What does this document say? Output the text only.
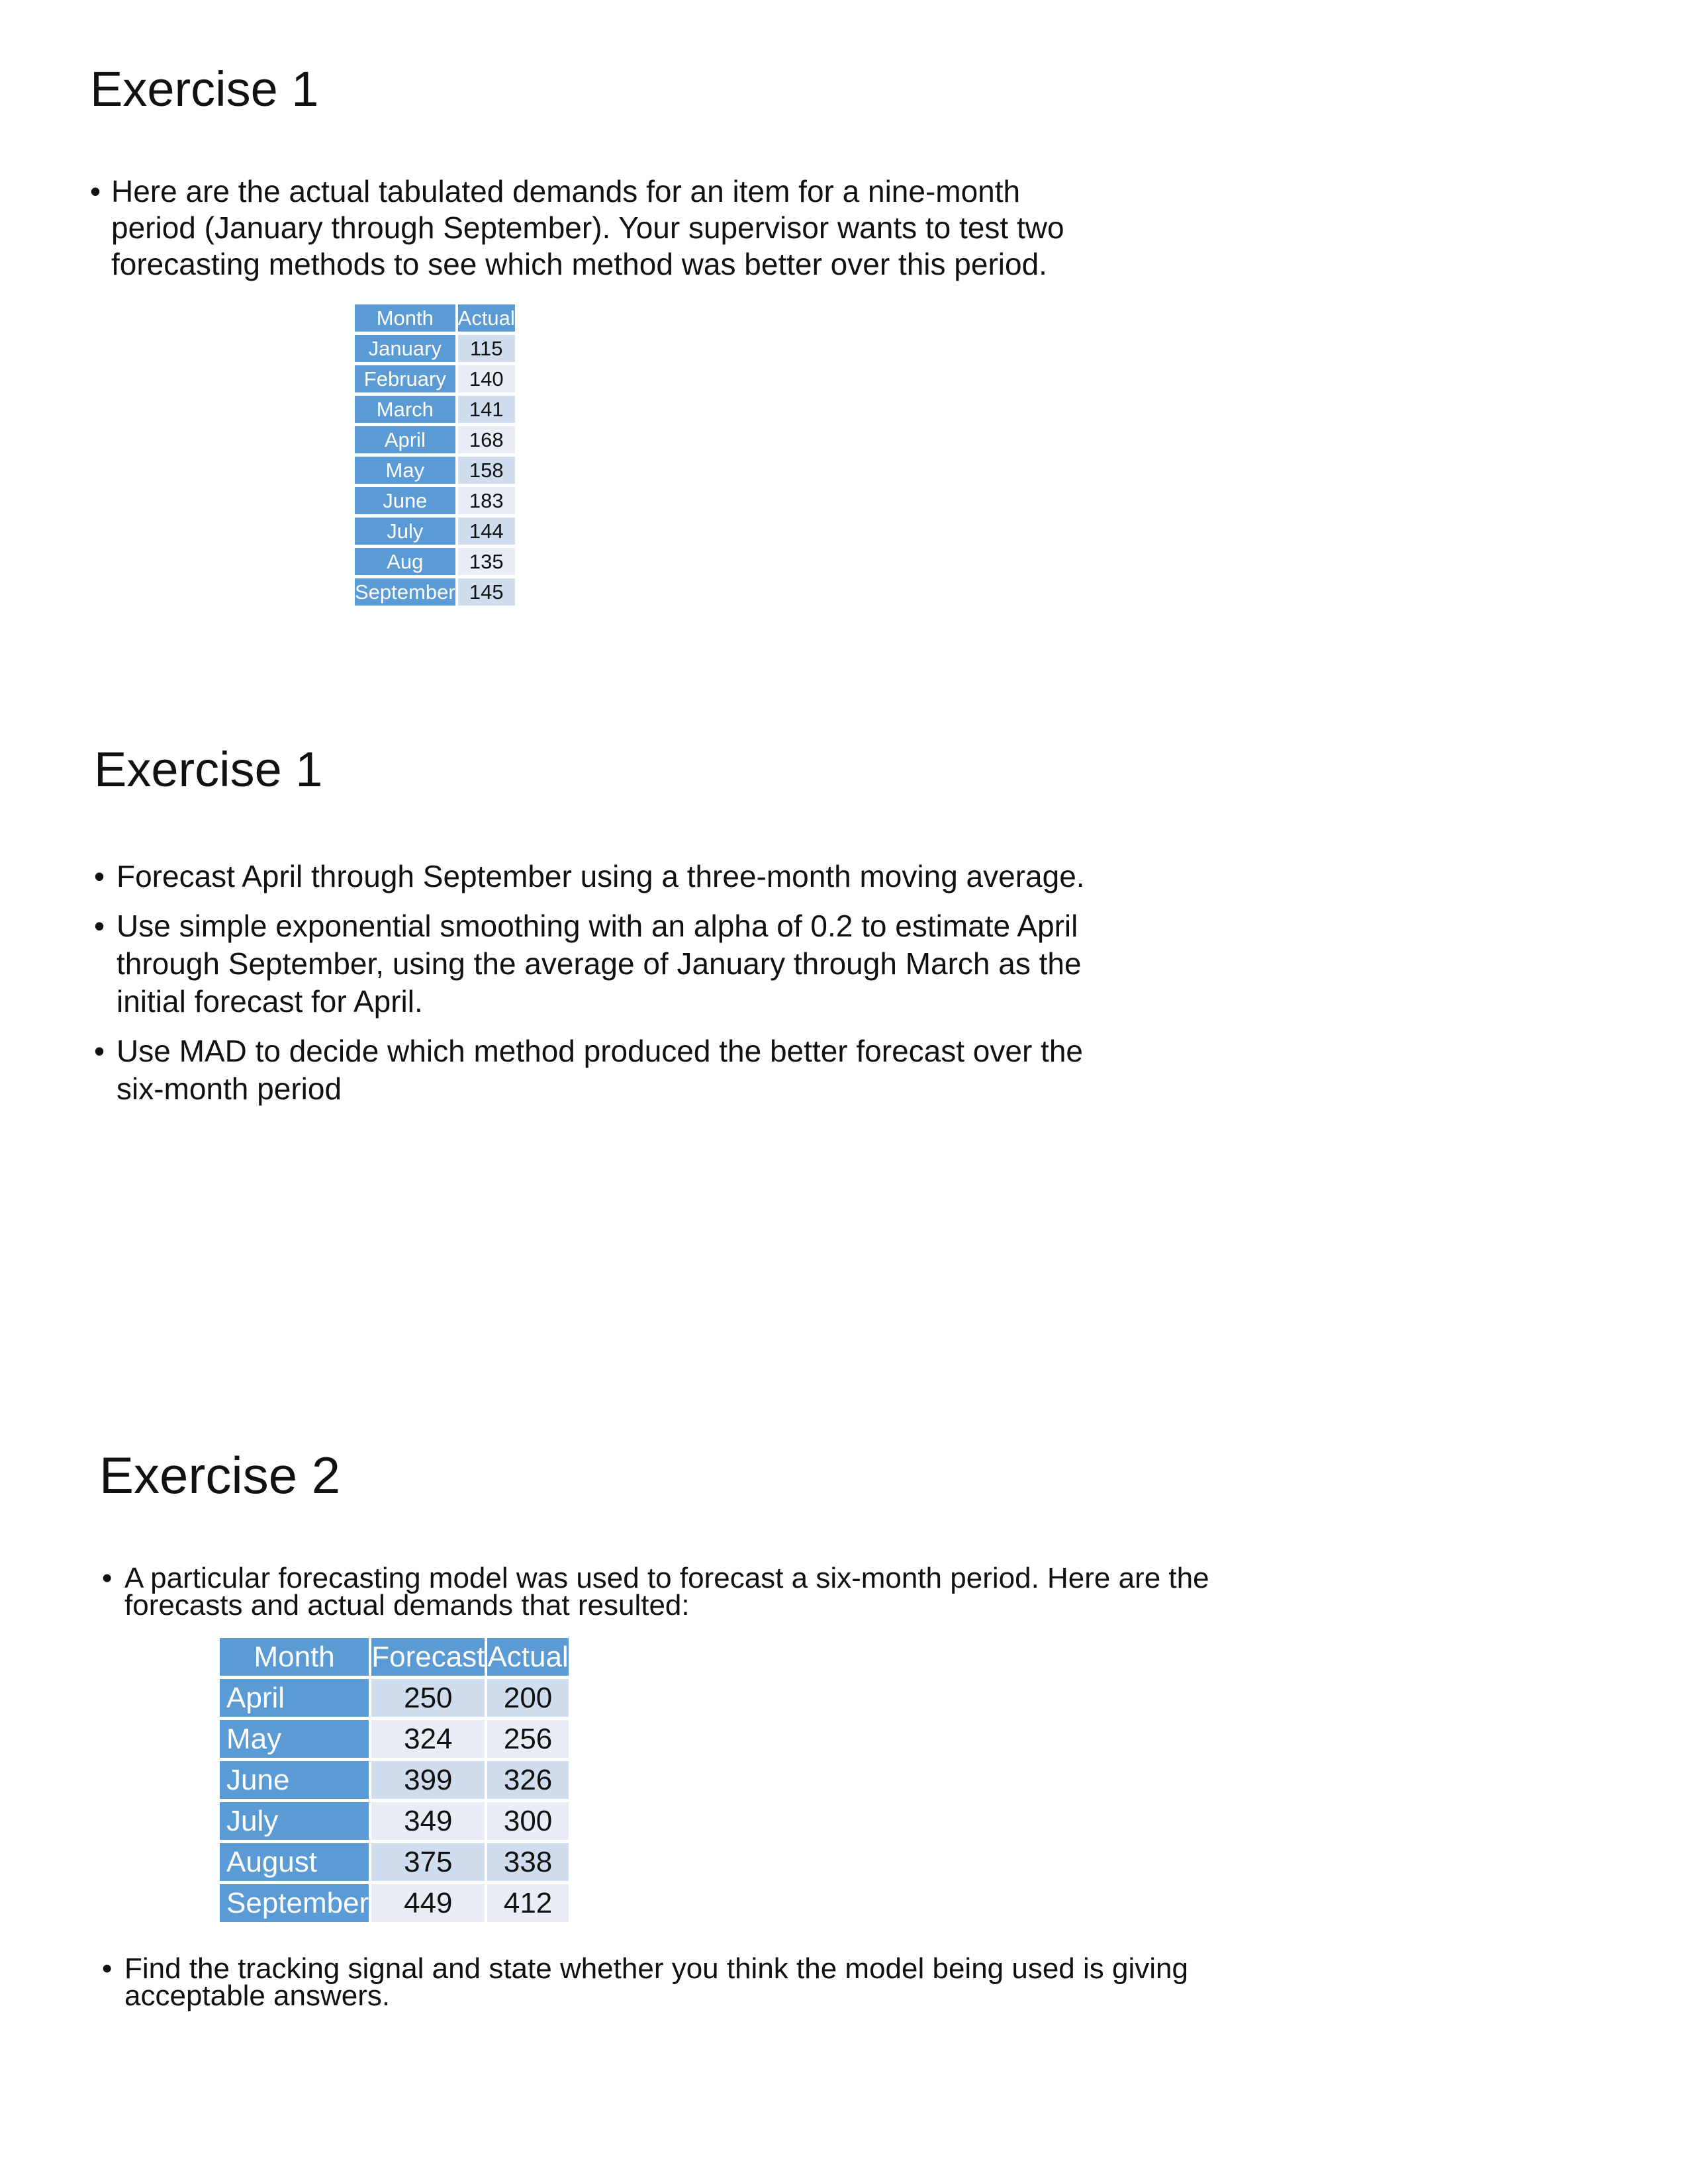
Exercise 1
• Here are the actual tabulated demands for an item for a nine-month period (January through September). Your supervisor wants to test two forecasting methods to see which method was better over this period.
Month	Actual
January	115
February	140
March	141
April	168
May	158
June	183
July	144
Aug	135
September	145
Exercise 1
• Forecast April through September using a three-month moving average.
• Use simple exponential smoothing with an alpha of 0.2 to estimate April through September, using the average of January through March as the initial forecast for April.
• Use MAD to decide which method produced the better forecast over the six-month period
Exercise 2
• A particular forecasting model was used to forecast a six-month period. Here are the forecasts and actual demands that resulted:
Month	Forecast	Actual
April	250	200
May	324	256
June	399	326
July	349	300
August	375	338
September	449	412
• Find the tracking signal and state whether you think the model being used is giving acceptable answers.
